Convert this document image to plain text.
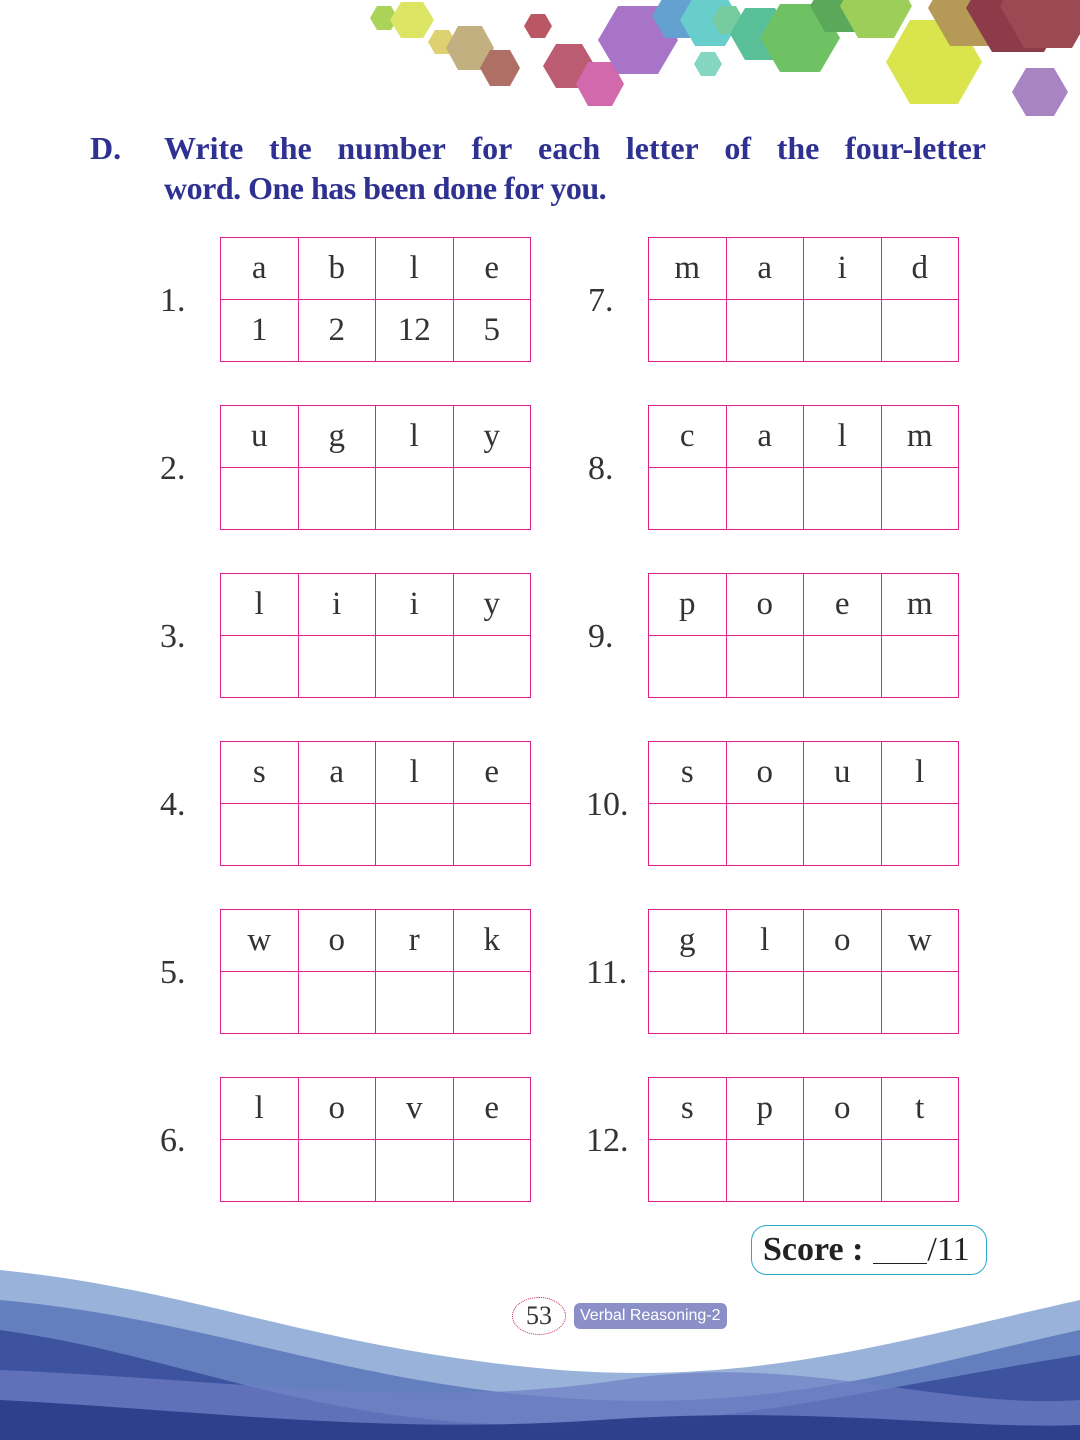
D.	Write the number for each letter of the four-letter
word. One has been done for you.
1.
a	b	l	e
1	2	12	5
2.
u	g	l	y
3.
l	i	i	y
4.
s	a	l	e
5.
w	o	r	k
6.
l	o	v	e
7.
m	a	i	d
8.
c	a	l	m
9.
p	o	e	m
10.
s	o	u	l
11.
g	l	o	w
12.
s	p	o	t
Score : /11
53	Verbal Reasoning-2
